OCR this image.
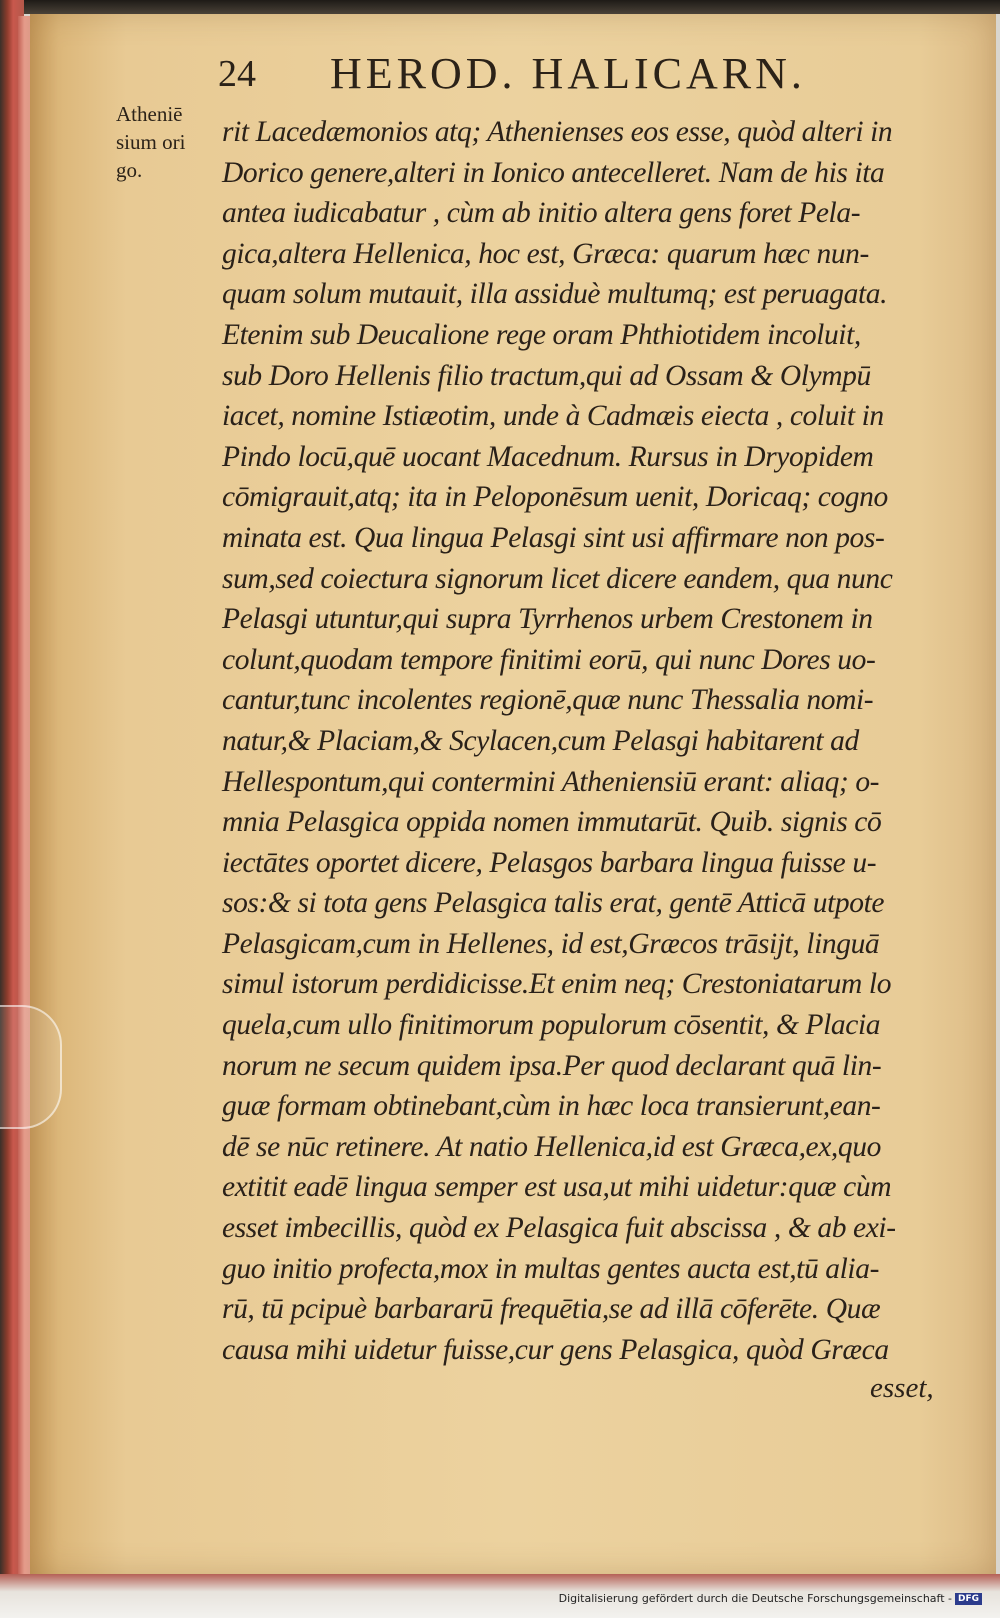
24 HEROD. HALICARN.
Atheniē
sium ori
go.
rit Lacedæmonios atq; Athenienses eos esse, quòd alteri in
Dorico genere,alteri in Ionico antecelleret. Nam de his ita
antea iudicabatur , cùm ab initio altera gens foret Pela-
gica,altera Hellenica, hoc est, Græca: quarum hæc nun-
quam solum mutauit, illa assiduè multumq; est peruagata.
Etenim sub Deucalione rege oram Phthiotidem incoluit,
sub Doro Hellenis filio tractum,qui ad Ossam & Olympū
iacet, nomine Istiæotim, unde à Cadmæis eiecta , coluit in
Pindo locū,quē uocant Macednum. Rursus in Dryopidem
cōmigrauit,atq; ita in Peloponēsum uenit, Doricaq; cogno
minata est. Qua lingua Pelasgi sint usi affirmare non pos-
sum,sed coiectura signorum licet dicere eandem, qua nunc
Pelasgi utuntur,qui supra Tyrrhenos urbem Crestonem in
colunt,quodam tempore finitimi eorū, qui nunc Dores uo-
cantur,tunc incolentes regionē,quæ nunc Thessalia nomi-
natur,& Placiam,& Scylacen,cum Pelasgi habitarent ad
Hellespontum,qui contermini Atheniensiū erant: aliaq; o-
mnia Pelasgica oppida nomen immutarūt. Quib. signis cō
iectātes oportet dicere, Pelasgos barbara lingua fuisse u-
sos:& si tota gens Pelasgica talis erat, gentē Atticā utpote
Pelasgicam,cum in Hellenes, id est,Græcos trāsijt, linguā
simul istorum perdidicisse.Et enim neq; Crestoniatarum lo
quela,cum ullo finitimorum populorum cōsentit, & Placia
norum ne secum quidem ipsa.Per quod declarant quā lin-
guæ formam obtinebant,cùm in hæc loca transierunt,ean-
dē se nūc retinere. At natio Hellenica,id est Græca,ex,quo
extitit eadē lingua semper est usa,ut mihi uidetur:quæ cùm
esset imbecillis, quòd ex Pelasgica fuit abscissa , & ab exi-
guo initio profecta,mox in multas gentes aucta est,tū alia-
rū, tū pcipuè barbararū frequētia,se ad illā cōferēte. Quæ
causa mihi uidetur fuisse,cur gens Pelasgica, quòd Græca
esset,
Digitalisierung gefördert durch die Deutsche Forschungsgemeinschaft - DFG
